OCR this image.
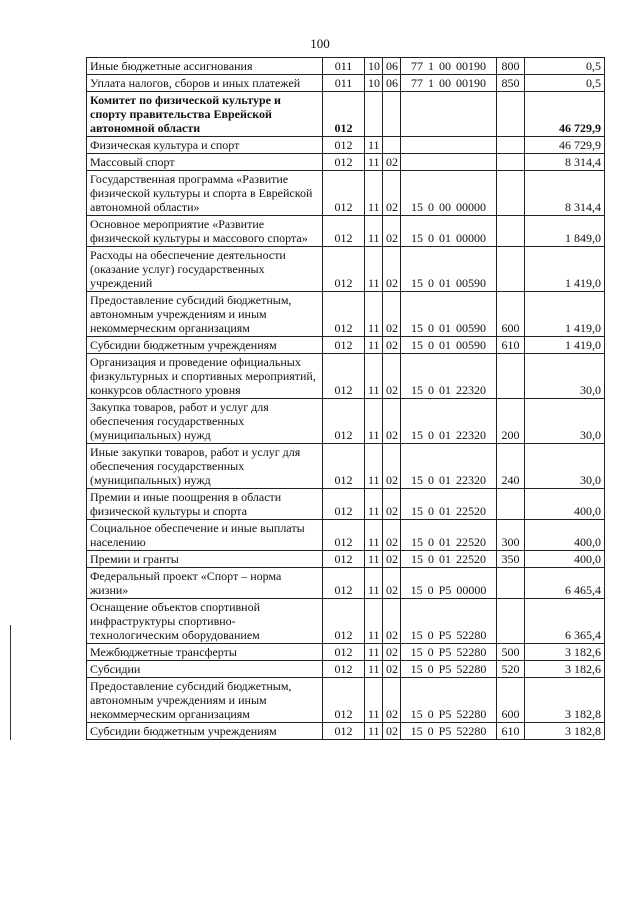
100
Иные бюджетные ассигнования	011	10	06	77 1 00 00190	800	0,5
Уплата налогов, сборов и иных платежей	011	10	06	77 1 00 00190	850	0,5
Комитет по физической культуре и спорту правительства Еврейской автономной области	012					46 729,9
Физическая культура и спорт	012	11				46 729,9
Массовый спорт	012	11	02			8 314,4
Государственная программа «Развитие физической культуры и спорта в Еврейской автономной области»	012	11	02	15 0 00 00000		8 314,4
Основное мероприятие «Развитие физической культуры и массового спорта»	012	11	02	15 0 01 00000		1 849,0
Расходы на обеспечение деятельности (оказание услуг) государственных учреждений	012	11	02	15 0 01 00590		1 419,0
Предоставление субсидий бюджетным, автономным учреждениям и иным некоммерческим организациям	012	11	02	15 0 01 00590	600	1 419,0
Субсидии бюджетным учреждениям	012	11	02	15 0 01 00590	610	1 419,0
Организация и проведение официальных физкультурных и спортивных мероприятий, конкурсов областного уровня	012	11	02	15 0 01 22320		30,0
Закупка товаров, работ и услуг для обеспечения государственных (муниципальных) нужд	012	11	02	15 0 01 22320	200	30,0
Иные закупки товаров, работ и услуг для обеспечения государственных (муниципальных) нужд	012	11	02	15 0 01 22320	240	30,0
Премии и иные поощрения в области физической культуры и спорта	012	11	02	15 0 01 22520		400,0
Социальное обеспечение и иные выплаты населению	012	11	02	15 0 01 22520	300	400,0
Премии и гранты	012	11	02	15 0 01 22520	350	400,0
Федеральный проект «Спорт – норма жизни»	012	11	02	15 0 P5 00000		6 465,4
Оснащение объектов спортивной инфраструктуры спортивно-технологическим оборудованием	012	11	02	15 0 P5 52280		6 365,4
Межбюджетные трансферты	012	11	02	15 0 P5 52280	500	3 182,6
Субсидии	012	11	02	15 0 P5 52280	520	3 182,6
Предоставление субсидий бюджетным, автономным учреждениям и иным некоммерческим организациям	012	11	02	15 0 P5 52280	600	3 182,8
Субсидии бюджетным учреждениям	012	11	02	15 0 P5 52280	610	3 182,8
